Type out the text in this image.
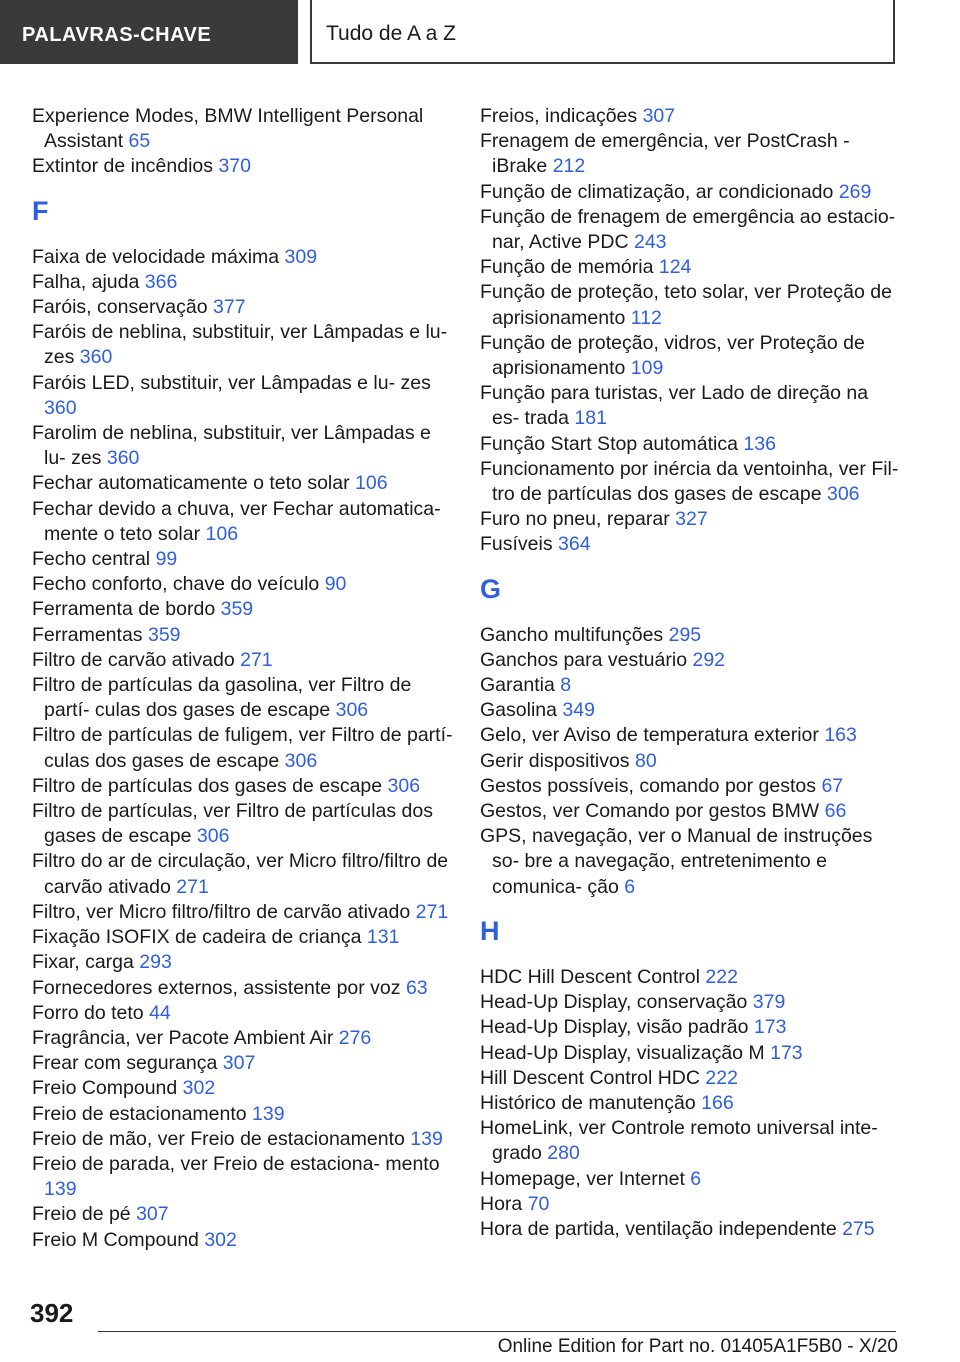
PALAVRAS-CHAVE	Tudo de A a Z
Experience Modes, BMW Intelligent Personal Assistant 65
Extintor de incêndios 370
F
Faixa de velocidade máxima 309
Falha, ajuda 366
Faróis, conservação 377
Faróis de neblina, substituir, ver Lâmpadas e lu‐ zes 360
Faróis LED, substituir, ver Lâmpadas e lu‐ zes 360
Farolim de neblina, substituir, ver Lâmpadas e lu‐ zes 360
Fechar automaticamente o teto solar 106
Fechar devido a chuva, ver Fechar automatica‐ mente o teto solar 106
Fecho central 99
Fecho conforto, chave do veículo 90
Ferramenta de bordo 359
Ferramentas 359
Filtro de carvão ativado 271
Filtro de partículas da gasolina, ver Filtro de partí‐ culas dos gases de escape 306
Filtro de partículas de fuligem, ver Filtro de partí‐ culas dos gases de escape 306
Filtro de partículas dos gases de escape 306
Filtro de partículas, ver Filtro de partículas dos gases de escape 306
Filtro do ar de circulação, ver Micro filtro/filtro de carvão ativado 271
Filtro, ver Micro filtro/filtro de carvão ativado 271
Fixação ISOFIX de cadeira de criança 131
Fixar, carga 293
Fornecedores externos, assistente por voz 63
Forro do teto 44
Fragrância, ver Pacote Ambient Air 276
Frear com segurança 307
Freio Compound 302
Freio de estacionamento 139
Freio de mão, ver Freio de estacionamento 139
Freio de parada, ver Freio de estaciona‐ mento 139
Freio de pé 307
Freio M Compound 302
Freios, indicações 307
Frenagem de emergência, ver PostCrash - iBrake 212
Função de climatização, ar condicionado 269
Função de frenagem de emergência ao estacio‐ nar, Active PDC 243
Função de memória 124
Função de proteção, teto solar, ver Proteção de aprisionamento 112
Função de proteção, vidros, ver Proteção de aprisionamento 109
Função para turistas, ver Lado de direção na es‐ trada 181
Função Start Stop automática 136
Funcionamento por inércia da ventoinha, ver Fil‐ tro de partículas dos gases de escape 306
Furo no pneu, reparar 327
Fusíveis 364
G
Gancho multifunções 295
Ganchos para vestuário 292
Garantia 8
Gasolina 349
Gelo, ver Aviso de temperatura exterior 163
Gerir dispositivos 80
Gestos possíveis, comando por gestos 67
Gestos, ver Comando por gestos BMW 66
GPS, navegação, ver o Manual de instruções so‐ bre a navegação, entretenimento e comunica‐ ção 6
H
HDC Hill Descent Control 222
Head-Up Display, conservação 379
Head-Up Display, visão padrão 173
Head-Up Display, visualização M 173
Hill Descent Control HDC 222
Histórico de manutenção 166
HomeLink, ver Controle remoto universal inte‐ grado 280
Homepage, ver Internet 6
Hora 70
Hora de partida, ventilação independente 275
392
Online Edition for Part no. 01405A1F5B0 - X/20
